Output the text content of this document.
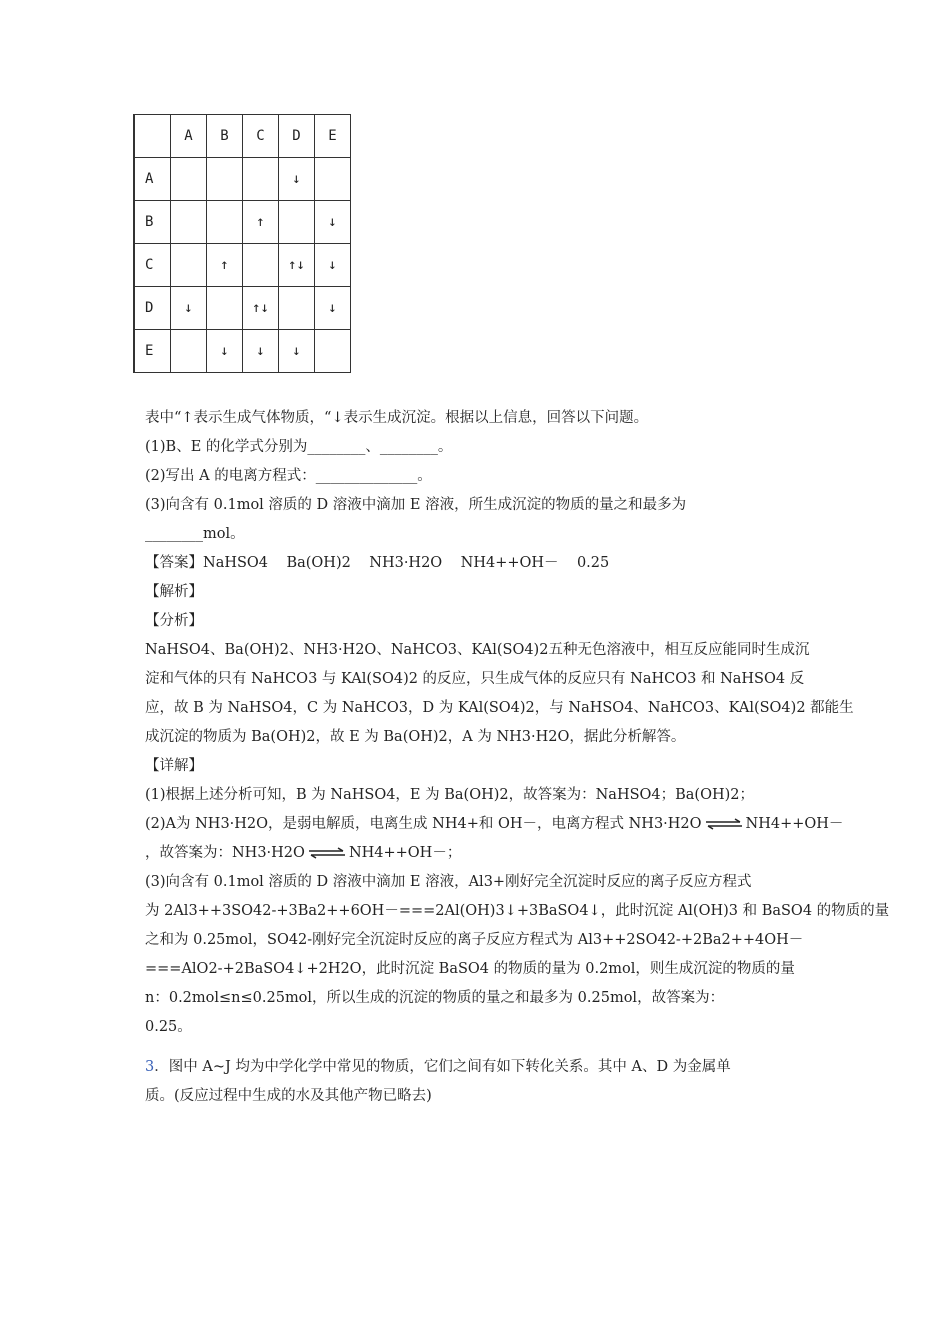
	A	B	C	D	E
A				↓	
B			↑		↓
C		↑		↑↓	↓
D	↓		↑↓		↓
E		↓	↓	↓	
表中“↑表示生成气体物质，“↓表示生成沉淀。根据以上信息，回答以下问题。
(1)B、E 的化学式分别为________、________。
(2)写出 A 的电离方程式：______________。
(3)向含有 0.1mol 溶质的 D 溶液中滴加 E 溶液，所生成沉淀的物质的量之和最多为
________mol。
【答案】NaHSO4    Ba(OH)2    NH3·H2O    NH4++OH－    0.25
【解析】
【分析】
NaHSO4、Ba(OH)2、NH3·H2O、NaHCO3、KAl(SO4)2五种无色溶液中，相互反应能同时生成沉
淀和气体的只有 NaHCO3 与 KAl(SO4)2 的反应，只生成气体的反应只有 NaHCO3 和 NaHSO4 反
应，故 B 为 NaHSO4，C 为 NaHCO3，D 为 KAl(SO4)2，与 NaHSO4、NaHCO3、KAl(SO4)2 都能生
成沉淀的物质为 Ba(OH)2，故 E 为 Ba(OH)2，A 为 NH3·H2O，据此分析解答。
【详解】
(1)根据上述分析可知，B 为 NaHSO4，E 为 Ba(OH)2，故答案为：NaHSO4；Ba(OH)2；
(2)A为 NH3·H2O，是弱电解质，电离生成 NH4+和 OH－，电离方程式 NH3·H2O ⇌ NH4++OH－
，故答案为：NH3·H2O ⇌ NH4++OH－；
(3)向含有 0.1mol 溶质的 D 溶液中滴加 E 溶液，Al3+刚好完全沉淀时反应的离子反应方程式
为 2Al3++3SO42-+3Ba2++6OH－===2Al(OH)3↓+3BaSO4↓，此时沉淀 Al(OH)3 和 BaSO4 的物质的量
之和为 0.25mol，SO42-刚好完全沉淀时反应的离子反应方程式为 Al3++2SO42-+2Ba2++4OH－
===AlO2-+2BaSO4↓+2H2O，此时沉淀 BaSO4 的物质的量为 0.2mol，则生成沉淀的物质的量
n：0.2mol≤n≤0.25mol，所以生成的沉淀的物质的量之和最多为 0.25mol，故答案为：
0.25。
3．图中 A~J 均为中学化学中常见的物质，它们之间有如下转化关系。其中 A、D 为金属单
质。(反应过程中生成的水及其他产物已略去)
